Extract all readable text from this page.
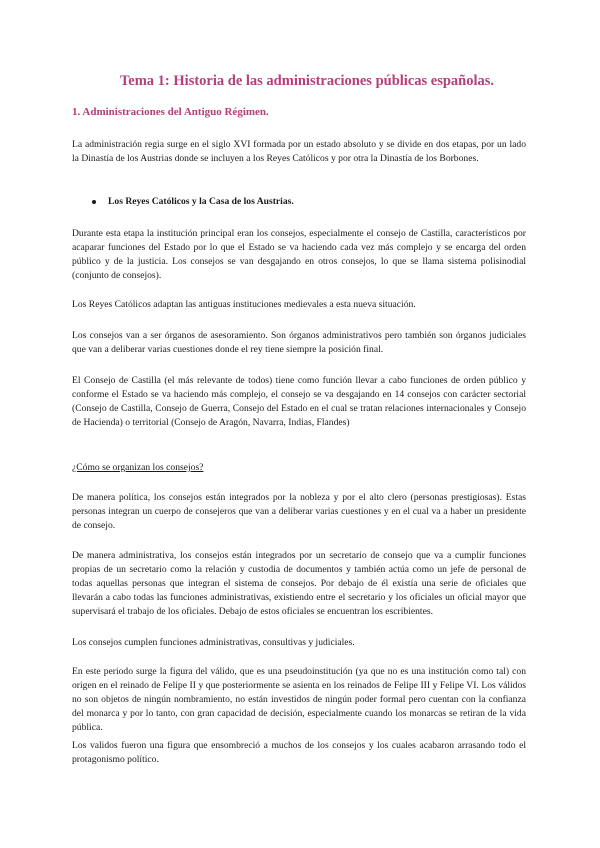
Tema 1: Historia de las administraciones públicas españolas.
1. Administraciones del Antiguo Régimen.

La administración regia surge en el siglo XVI formada por un estado absoluto y se divide en dos etapas, por un lado la Dinastía de los Austrias donde se incluyen a los Reyes Católicos y por otra la Dinastía de los Borbones.

Los Reyes Católicos y la Casa de los Austrias.

Durante esta etapa la institución principal eran los consejos, especialmente el consejo de Castilla, característicos por acaparar funciones del Estado por lo que el Estado se va haciendo cada vez más complejo y se encarga del orden público y de la justicia. Los consejos se van desgajando en otros consejos, lo que se llama sistema polisinodial (conjunto de consejos).

Los Reyes Católicos adaptan las antiguas instituciones medievales a esta nueva situación.

Los consejos van a ser órganos de asesoramiento. Son órganos administrativos pero también son órganos judiciales que van a deliberar varias cuestiones donde el rey tiene siempre la posición final.

El Consejo de Castilla (el más relevante de todos) tiene como función llevar a cabo funciones de orden público y conforme el Estado se va haciendo más complejo, el consejo se va desgajando en 14 consejos con carácter sectorial (Consejo de Castilla, Consejo de Guerra, Consejo del Estado en el cual se tratan relaciones internacionales y Consejo de Hacienda) o territorial (Consejo de Aragón, Navarra, Indias, Flandes)

¿Cómo se organizan los consejos?

De manera política, los consejos están integrados por la nobleza y por el alto clero (personas prestigiosas). Estas personas integran un cuerpo de consejeros que van a deliberar varias cuestiones y en el cual va a haber un presidente de consejo.

De manera administrativa, los consejos están integrados por un secretario de consejo que va a cumplir funciones propias de un secretario como la relación y custodia de documentos y también actúa como un jefe de personal de todas aquellas personas que integran el sistema de consejos. Por debajo de él existía una serie de oficiales que llevarán a cabo todas las funciones administrativas, existiendo entre el secretario y los oficiales un oficial mayor que supervisará el trabajo de los oficiales. Debajo de estos oficiales se encuentran los escribientes.

Los consejos cumplen funciones administrativas, consultivas y judiciales.

En este periodo surge la figura del válido, que es una pseudoinstitución (ya que no es una institución como tal) con origen en el reinado de Felipe II y que posteriormente se asienta en los reinados de Felipe III y Felipe VI. Los válidos no son objetos de ningún nombramiento, no están investidos de ningún poder formal pero cuentan con la confianza del monarca y por lo tanto, con gran capacidad de decisión, especialmente cuando los monarcas se retiran de la vida pública.

Los validos fueron una figura que ensombreció a muchos de los consejos y los cuales acabaron arrasando todo el protagonismo político.
